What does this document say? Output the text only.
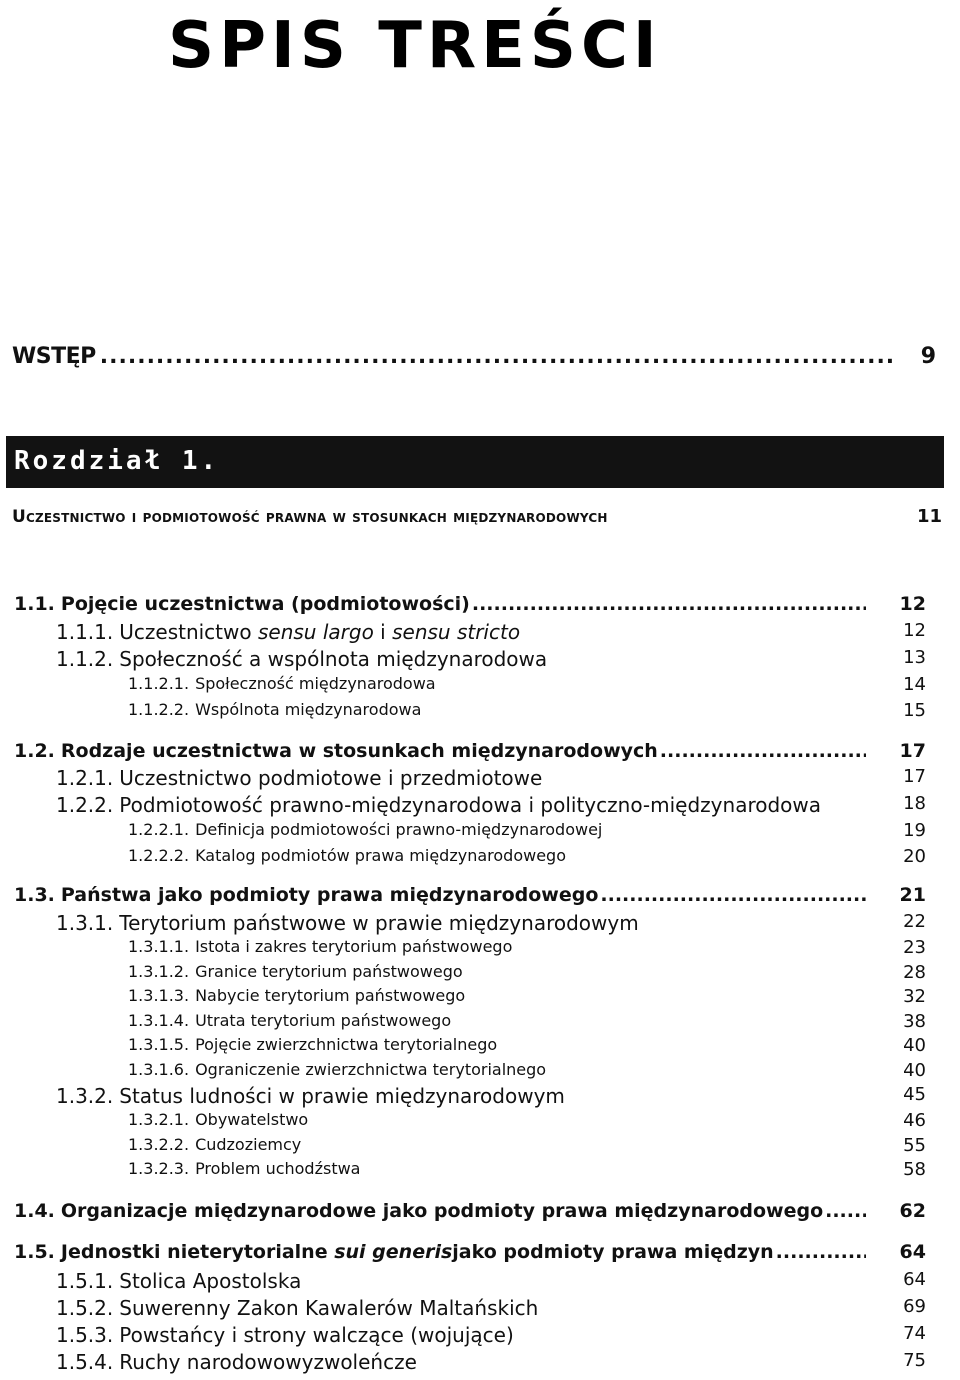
SPIS TREŚCI
WSTĘP .....	9
Rozdział 1.
Uczestnictwo i podmiotowość prawna w stosunkach międzynarodowych	11
1.1. Pojęcie uczestnictwa (podmiotowości) .....	12
1.1.1. Uczestnictwo sensu largo i sensu stricto	12
1.1.2. Społeczność a wspólnota międzynarodowa	13
1.1.2.1. Społeczność międzynarodowa	14
1.1.2.2. Wspólnota międzynarodowa	15
1.2. Rodzaje uczestnictwa w stosunkach międzynarodowych .....	17
1.2.1. Uczestnictwo podmiotowe i przedmiotowe	17
1.2.2. Podmiotowość prawno-międzynarodowa i polityczno-międzynarodowa	18
1.2.2.1. Definicja podmiotowości prawno-międzynarodowej	19
1.2.2.2. Katalog podmiotów prawa międzynarodowego	20
1.3. Państwa jako podmioty prawa międzynarodowego .....	21
1.3.1. Terytorium państwowe w prawie międzynarodowym	22
1.3.1.1. Istota i zakres terytorium państwowego	23
1.3.1.2. Granice terytorium państwowego	28
1.3.1.3. Nabycie terytorium państwowego	32
1.3.1.4. Utrata terytorium państwowego	38
1.3.1.5. Pojęcie zwierzchnictwa terytorialnego	40
1.3.1.6. Ograniczenie zwierzchnictwa terytorialnego	40
1.3.2. Status ludności w prawie międzynarodowym	45
1.3.2.1. Obywatelstwo	46
1.3.2.2. Cudzoziemcy	55
1.3.2.3. Problem uchodźstwa	58
1.4. Organizacje międzynarodowe jako podmioty prawa międzynarodowego .....	62
1.5. Jednostki nieterytorialne sui generisjako podmioty prawa międzyn .....	64
1.5.1. Stolica Apostolska	64
1.5.2. Suwerenny Zakon Kawalerów Maltańskich	69
1.5.3. Powstańcy i strony walczące (wojujące)	74
1.5.4. Ruchy narodowowyzwoleńcze	75
